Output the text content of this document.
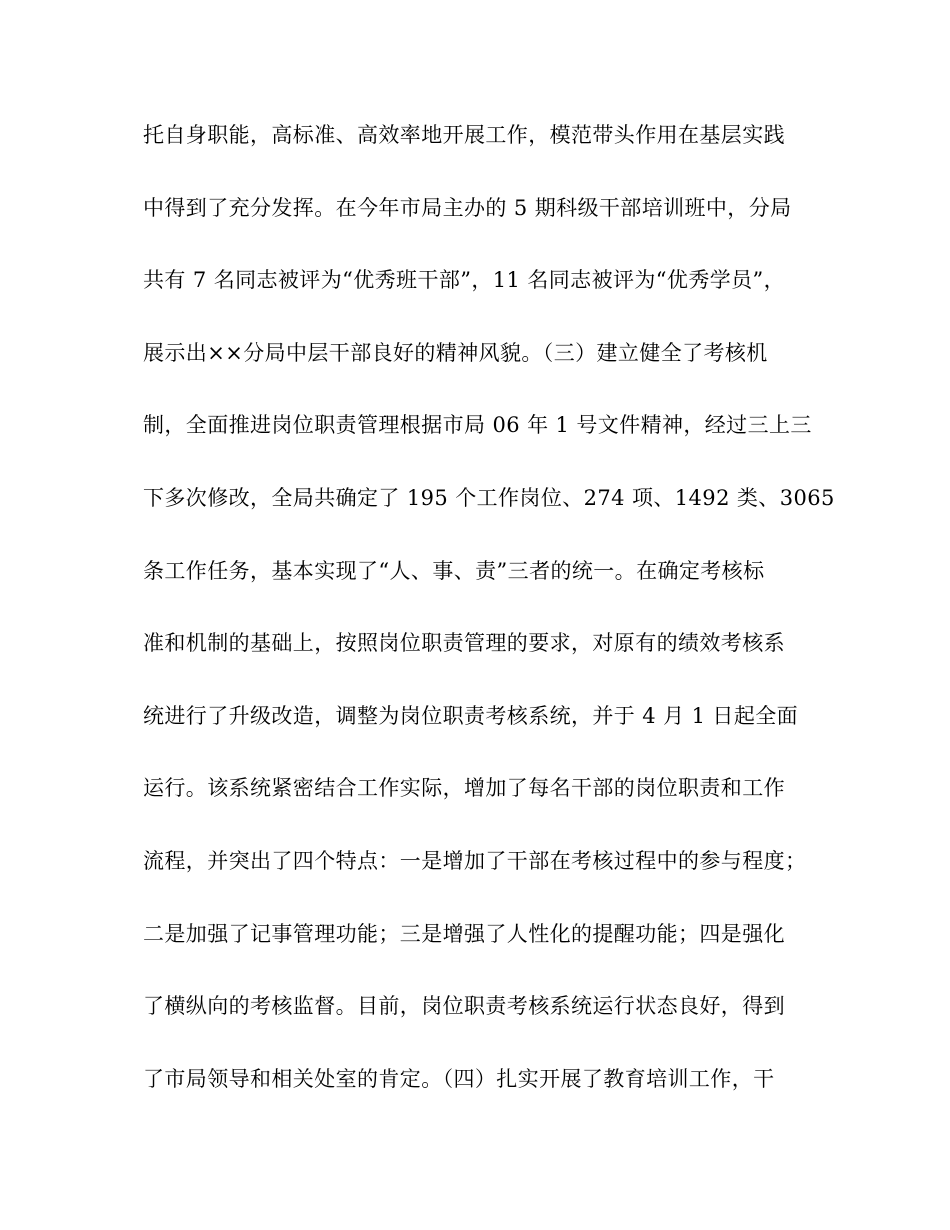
托自身职能，高标准、高效率地开展工作，模范带头作用在基层实践
中得到了充分发挥。在今年市局主办的 5 期科级干部培训班中，分局
共有 7 名同志被评为“优秀班干部”，11 名同志被评为“优秀学员”，
展示出××分局中层干部良好的精神风貌。（三）建立健全了考核机
制，全面推进岗位职责管理根据市局 06 年 1 号文件精神，经过三上三
下多次修改，全局共确定了 195 个工作岗位、274 项、1492 类、3065
条工作任务，基本实现了“人、事、责”三者的统一。在确定考核标
准和机制的基础上，按照岗位职责管理的要求，对原有的绩效考核系
统进行了升级改造，调整为岗位职责考核系统，并于 4 月 1 日起全面
运行。该系统紧密结合工作实际，增加了每名干部的岗位职责和工作
流程，并突出了四个特点：一是增加了干部在考核过程中的参与程度；
二是加强了记事管理功能；三是增强了人性化的提醒功能；四是强化
了横纵向的考核监督。目前，岗位职责考核系统运行状态良好，得到
了市局领导和相关处室的肯定。（四）扎实开展了教育培训工作，干
